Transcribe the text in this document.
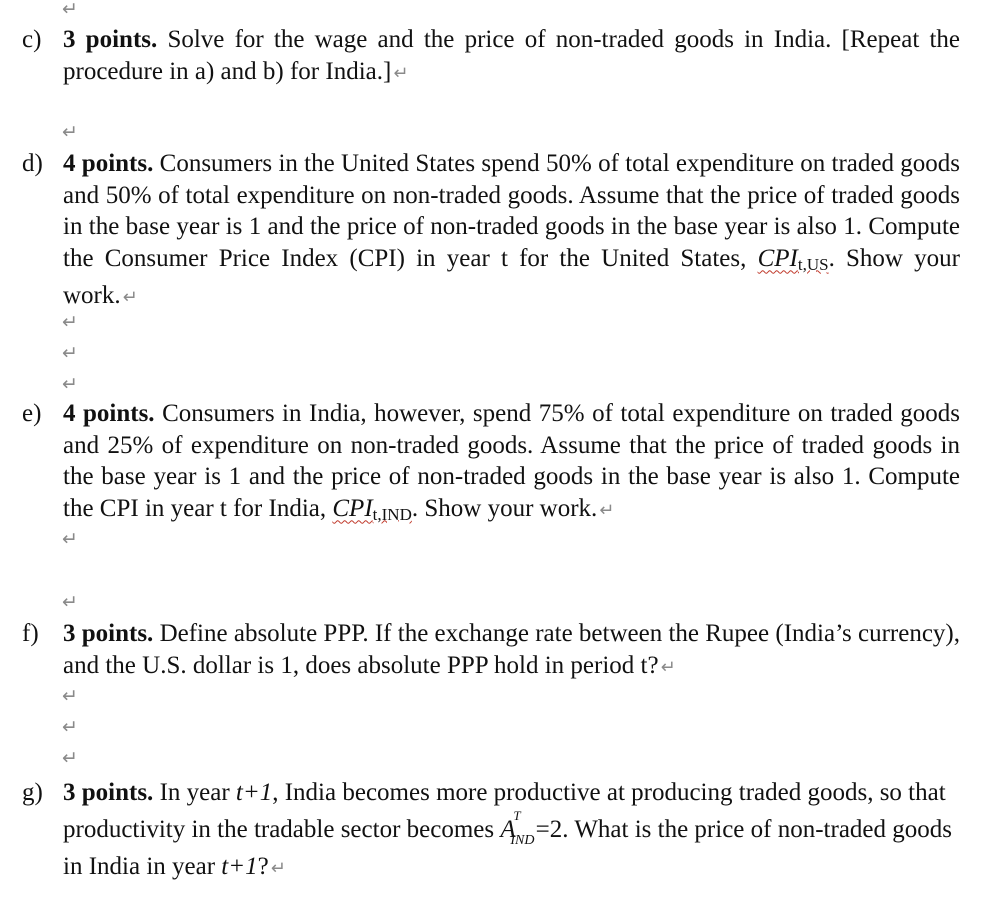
↵
↵
↵
↵
↵
↵
↵
↵
↵
↵
c) 3 points. Solve for the wage and the price of non-traded goods in India. [Repeat the procedure in a) and b) for India.] ↵
d) 4 points. Consumers in the United States spend 50% of total expenditure on traded goods and 50% of total expenditure on non-traded goods. Assume that the price of traded goods in the base year is 1 and the price of non-traded goods in the base year is also 1. Compute the Consumer Price Index (CPI) in year t for the United States, $CPI_{t,US}$. Show your work. ↵
e) 4 points. Consumers in India, however, spend 75% of total expenditure on traded goods and 25% of expenditure on non-traded goods. Assume that the price of traded goods in the base year is 1 and the price of non-traded goods in the base year is also 1. Compute the CPI in year t for India, $CPI_{t,IND}$. Show your work. ↵
f) 3 points. Define absolute PPP. If the exchange rate between the Rupee (India’s currency), and the U.S. dollar is 1, does absolute PPP hold in period t? ↵
g) 3 points. In year t+1, India becomes more productive at producing traded goods, so that productivity in the tradable sector becomes A
T
IND
     =2. What is the price of non-traded goods in India in year t+1? ↵
